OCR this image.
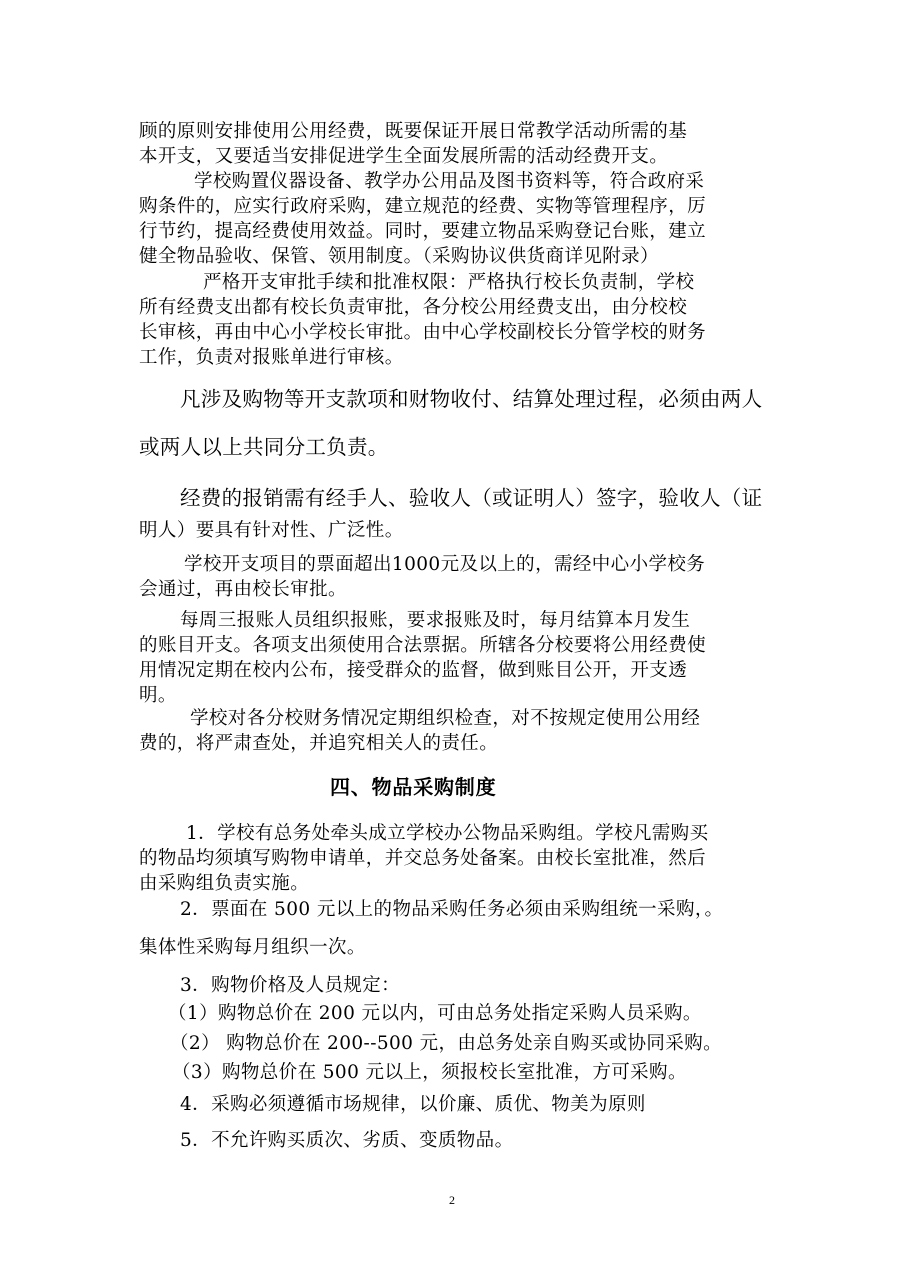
顾的原则安排使用公用经费，既要保证开展日常教学活动所需的基
本开支，又要适当安排促进学生全面发展所需的活动经费开支。
学校购置仪器设备、教学办公用品及图书资料等，符合政府采
购条件的，应实行政府采购，建立规范的经费、实物等管理程序，厉
行节约，提高经费使用效益。同时，要建立物品采购登记台账，建立
健全物品验收、保管、领用制度。（采购协议供货商详见附录）
严格开支审批手续和批准权限：严格执行校长负责制，学校
所有经费支出都有校长负责审批，各分校公用经费支出，由分校校
长审核，再由中心小学校长审批。由中心学校副校长分管学校的财务
工作，负责对报账单进行审核。
凡涉及购物等开支款项和财物收付、结算处理过程，必须由两人
或两人以上共同分工负责。
经费的报销需有经手人、验收人（或证明人）签字，验收人（证
明人）要具有针对性、广泛性。
学校开支项目的票面超出1000元及以上的，需经中心小学校务
会通过，再由校长审批。
每周三报账人员组织报账，要求报账及时，每月结算本月发生
的账目开支。各项支出须使用合法票据。所辖各分校要将公用经费使
用情况定期在校内公布，接受群众的监督，做到账目公开，开支透
明。
学校对各分校财务情况定期组织检查，对不按规定使用公用经
费的，将严肃查处，并追究相关人的责任。
四、物品采购制度
1．学校有总务处牵头成立学校办公物品采购组。学校凡需购买
的物品均须填写购物申请单，并交总务处备案。由校长室批准，然后
由采购组负责实施。
2．票面在 500 元以上的物品采购任务必须由采购组统一采购，。
集体性采购每月组织一次。
3．购物价格及人员规定：
（1）购物总价在 200 元以内，可由总务处指定采购人员采购。
（2） 购物总价在 200--500 元，由总务处亲自购买或协同采购。
（3）购物总价在 500 元以上，须报校长室批准，方可采购。
4．采购必须遵循市场规律，以价廉、质优、物美为原则
5．不允许购买质次、劣质、变质物品。
2
